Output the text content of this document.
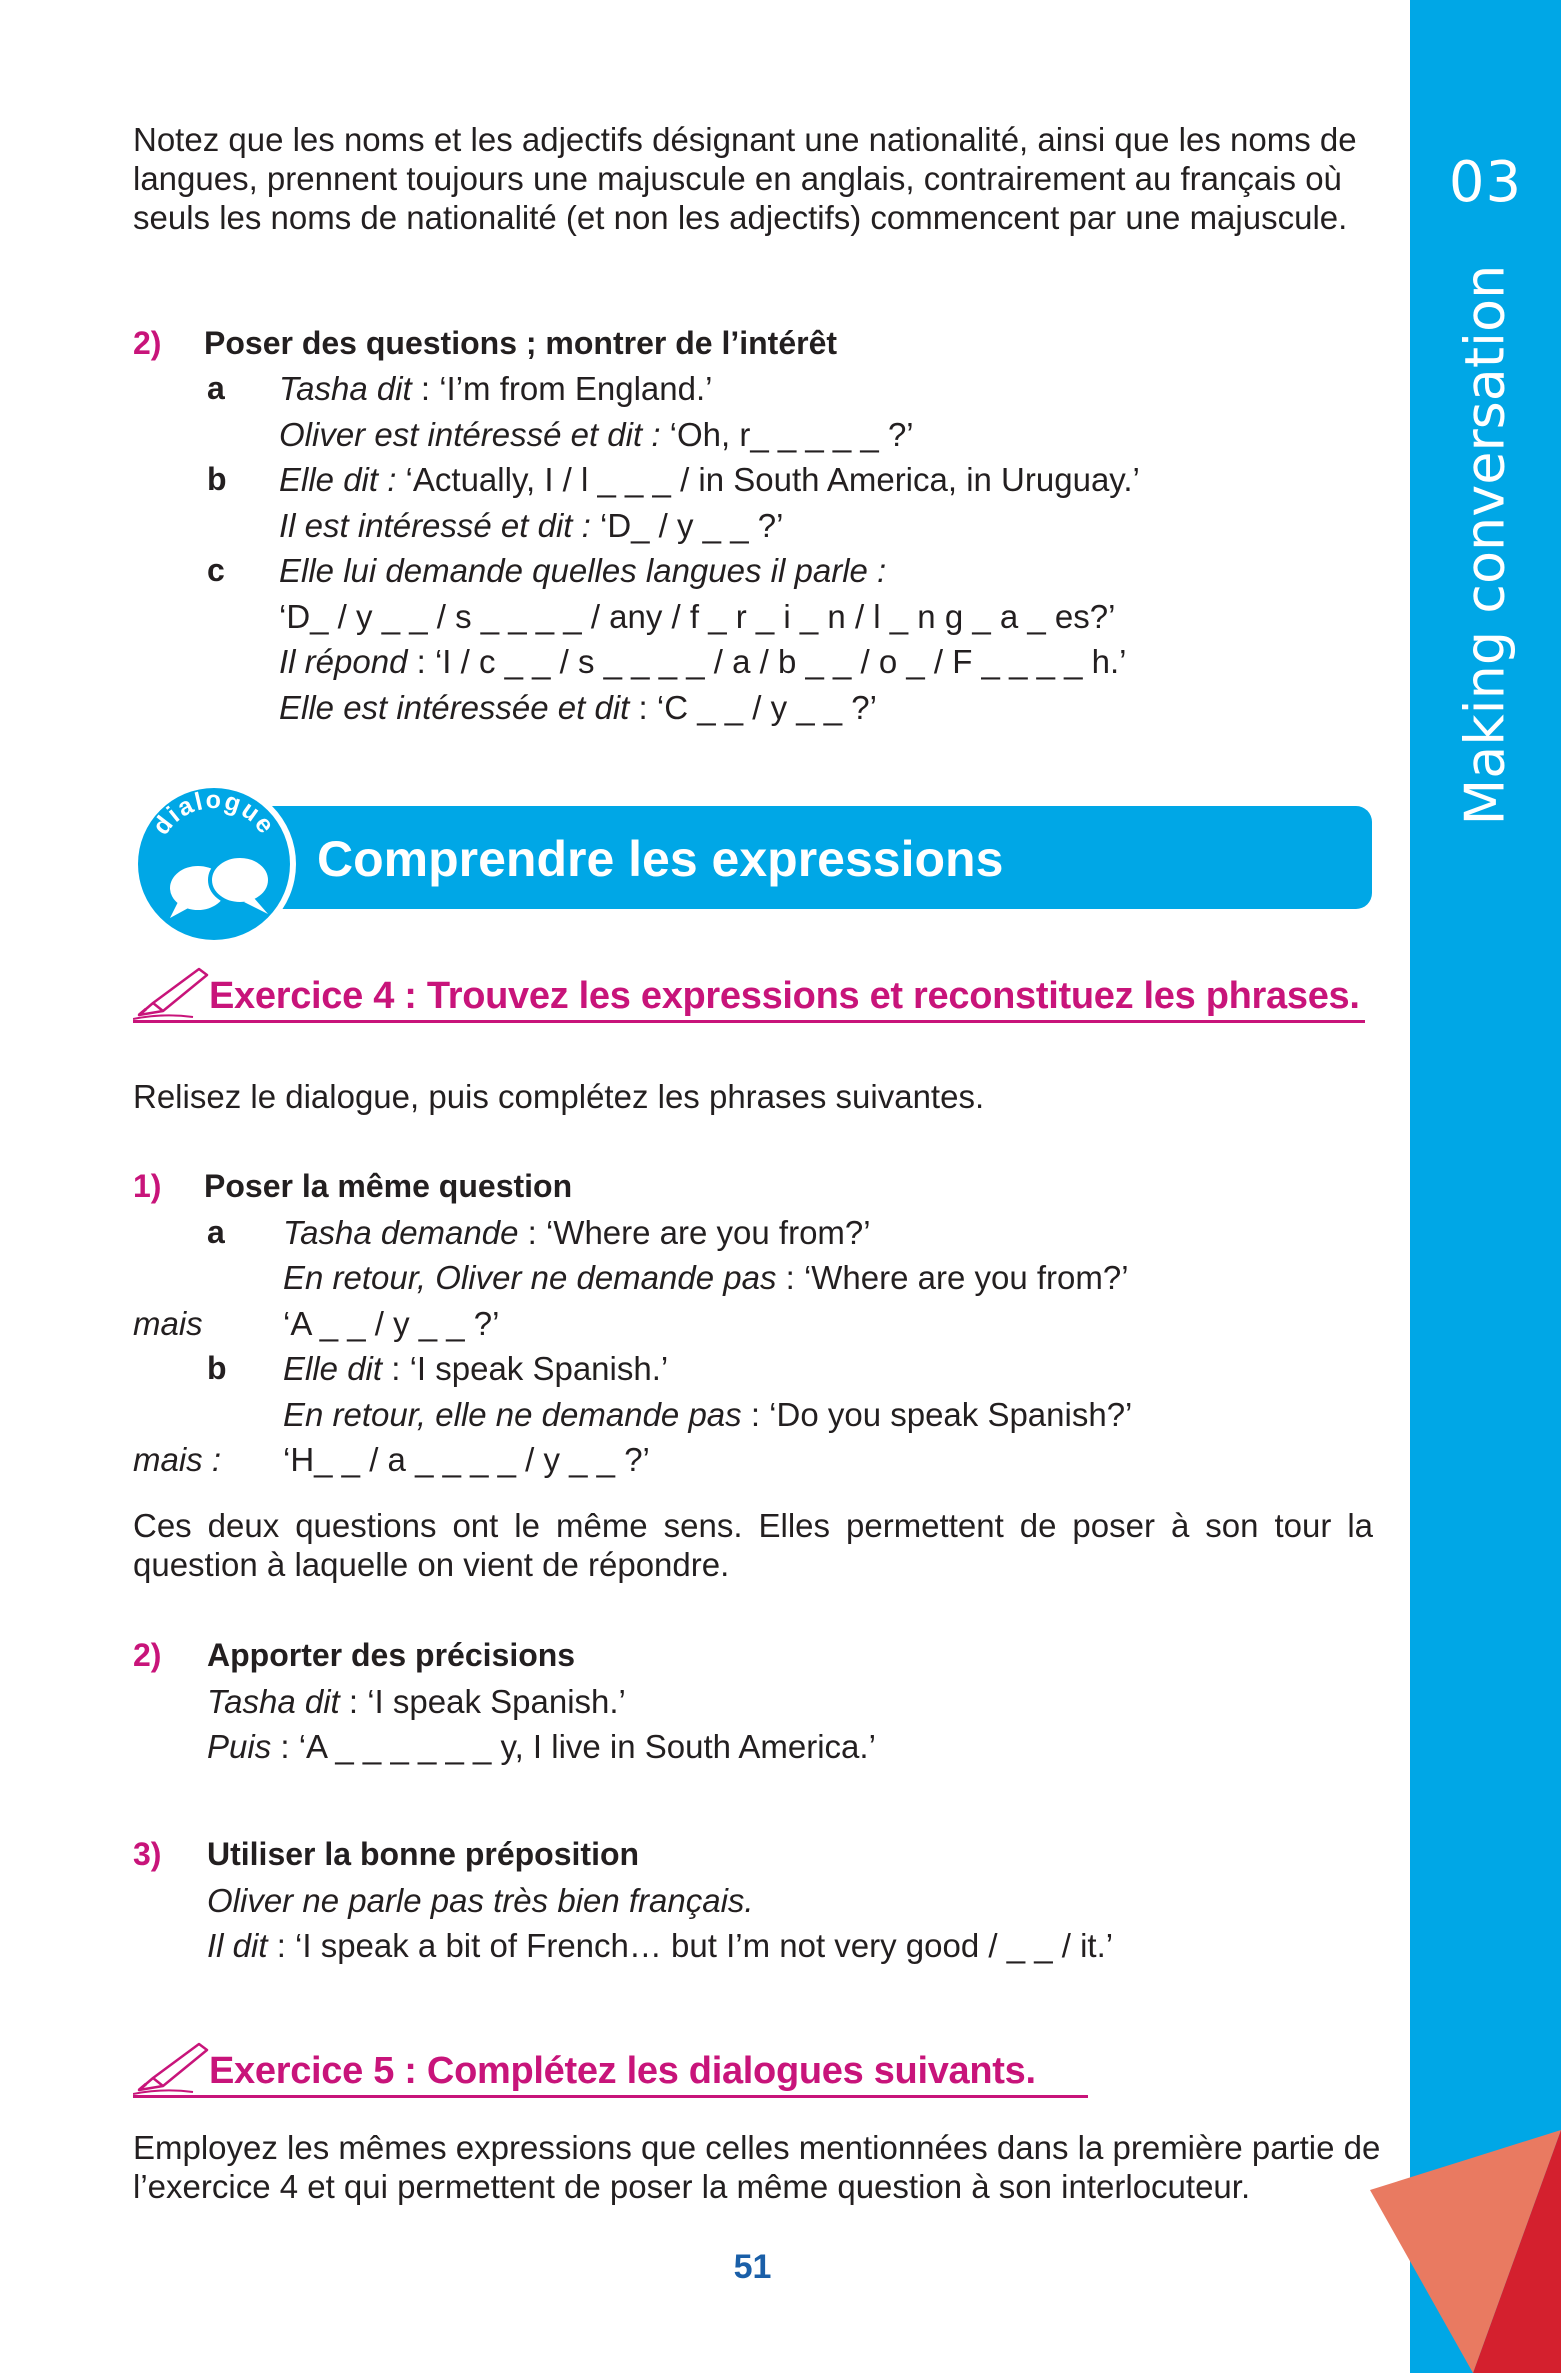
03
Making conversation
Notez que les noms et les adjectifs désignant une nationalité, ainsi que les noms de langues, prennent toujours une majuscule en anglais, contrairement au français où seuls les noms de nationalité (et non les adjectifs) commencent par une majuscule.
2) Poser des questions ; montrer de l’intérêt
a Tasha dit : ‘I’m from England.’
Oliver est intéressé et dit : ‘Oh, r_ _ _ _ _ ?’
b Elle dit : ‘Actually, I / l _ _ _ / in South America, in Uruguay.’
Il est intéressé et dit : ‘D_ / y _ _ ?’
c Elle lui demande quelles langues il parle :
‘D_ / y _ _ / s _ _ _ _ / any / f _ r _ i _ n / l _ n g _ a _ es?’
Il répond : ‘I / c _ _ / s _ _ _ _ / a / b _ _ / o _ / F _ _ _ _ h.’
Elle est intéressée et dit : ‘C _ _ / y _ _ ?’
Comprendre les expressions
dialogue
Exercice 4 : Trouvez les expressions et reconstituez les phrases.
Relisez le dialogue, puis complétez les phrases suivantes.
1) Poser la même question
a Tasha demande : ‘Where are you from?’
En retour, Oliver ne demande pas : ‘Where are you from?’
mais ‘A _ _ / y _ _ ?’
b Elle dit : ‘I speak Spanish.’
En retour, elle ne demande pas : ‘Do you speak Spanish?’
mais : ‘H_ _ / a _ _ _ _ / y _ _ ?’
Ces deux questions ont le même sens. Elles permettent de poser à son tour la question à laquelle on vient de répondre.
2) Apporter des précisions
Tasha dit : ‘I speak Spanish.’
Puis : ‘A _ _ _ _ _ _ y, I live in South America.’
3) Utiliser la bonne préposition
Oliver ne parle pas très bien français.
Il dit : ‘I speak a bit of French… but I’m not very good / _ _ / it.’
Exercice 5 : Complétez les dialogues suivants.
Employez les mêmes expressions que celles mentionnées dans la première partie de l’exercice 4 et qui permettent de poser la même question à son interlocuteur.
51
